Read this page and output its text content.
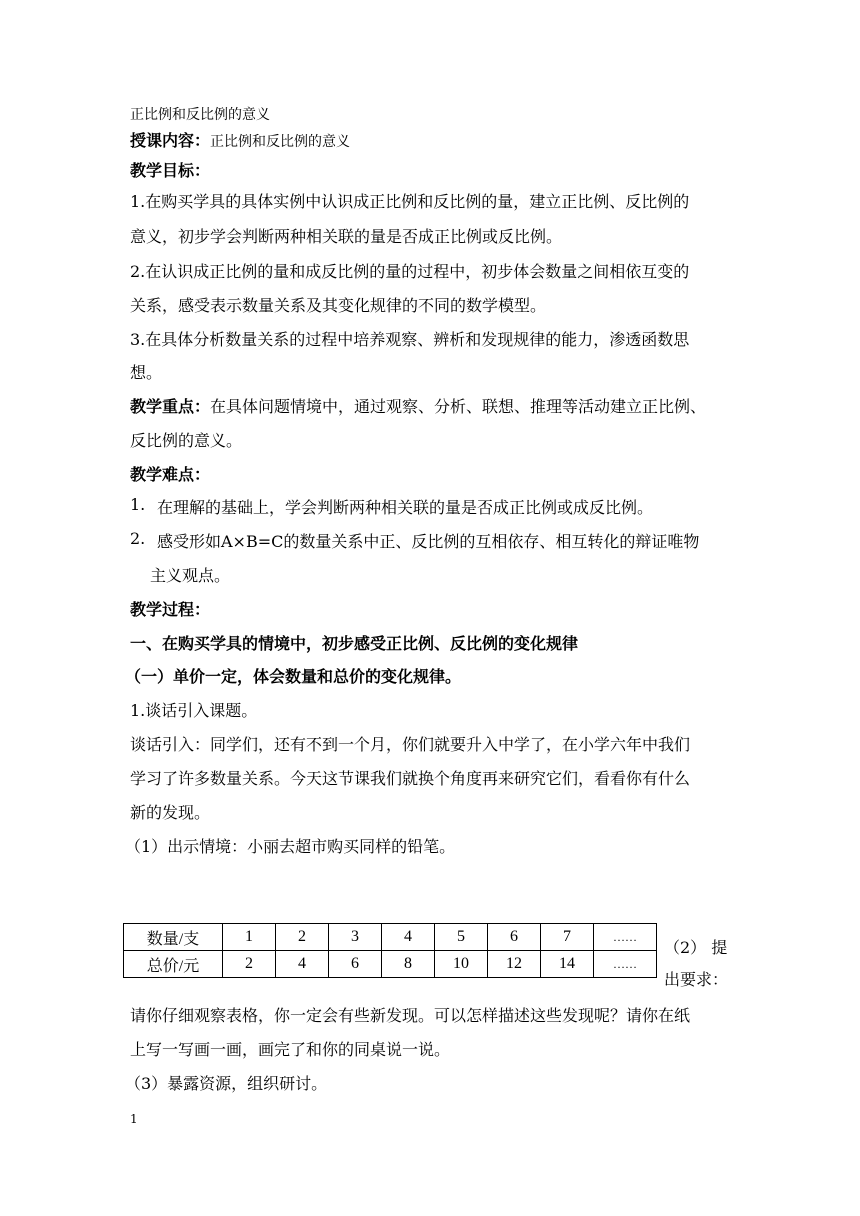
正比例和反比例的意义
授课内容：正比例和反比例的意义
教学目标：
1.在购买学具的具体实例中认识成正比例和反比例的量，建立正比例、反比例的
意义，初步学会判断两种相关联的量是否成正比例或反比例。
2.在认识成正比例的量和成反比例的量的过程中，初步体会数量之间相依互变的
关系，感受表示数量关系及其变化规律的不同的数学模型。
3.在具体分析数量关系的过程中培养观察、辨析和发现规律的能力，渗透函数思
想。
教学重点：在具体问题情境中，通过观察、分析、联想、推理等活动建立正比例、
反比例的意义。
教学难点：
1. 在理解的基础上，学会判断两种相关联的量是否成正比例或成反比例。
2. 感受形如A×B=C的数量关系中正、反比例的互相依存、相互转化的辩证唯物
主义观点。
教学过程：
一、在购买学具的情境中，初步感受正比例、反比例的变化规律
（一）单价一定，体会数量和总价的变化规律。
1.谈话引入课题。
谈话引入：同学们，还有不到一个月，你们就要升入中学了，在小学六年中我们
学习了许多数量关系。今天这节课我们就换个角度再来研究它们，看看你有什么
新的发现。
（1）出示情境：小丽去超市购买同样的铅笔。
数量/支	1	2	3	4	5	6	7	……
总价/元	2	4	6	8	10	12	14	……
（2） 提
出要求：
请你仔细观察表格，你一定会有些新发现。可以怎样描述这些发现呢？请你在纸
上写一写画一画，画完了和你的同桌说一说。
（3）暴露资源，组织研讨。
1
